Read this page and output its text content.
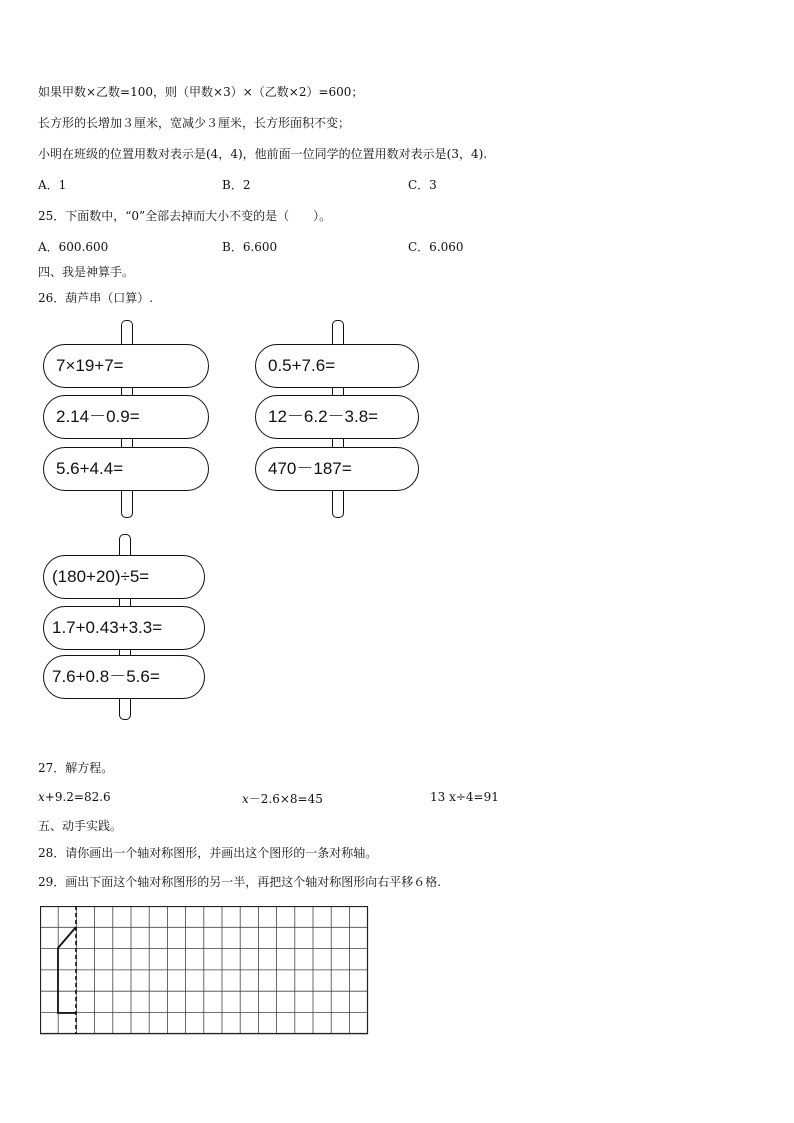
如果甲数×乙数=100，则（甲数×3）×（乙数×2）=600；
长方形的长增加３厘米，宽减少３厘米，长方形面积不变；
小明在班级的位置用数对表示是(4，4)，他前面一位同学的位置用数对表示是(3，4).
A．1	B．2	C．3
25．下面数中，“0”全部去掉而大小不变的是（　　）。
A．600.600	B．6.600	C．6.060
四、我是神算手。
26．葫芦串（口算）.
7×19+7=
2.14－0.9=
5.6+4.4=
0.5+7.6=
12－6.2－3.8=
470－187=
(180+20)÷5=
1.7+0.43+3.3=
7.6+0.8－5.6=
27．解方程。
x+9.2=82.6	x－2.6×8=45	13 x÷4=91
五、动手实践。
28．请你画出一个轴对称图形，并画出这个图形的一条对称轴。
29．画出下面这个轴对称图形的另一半，再把这个轴对称图形向右平移６格.
